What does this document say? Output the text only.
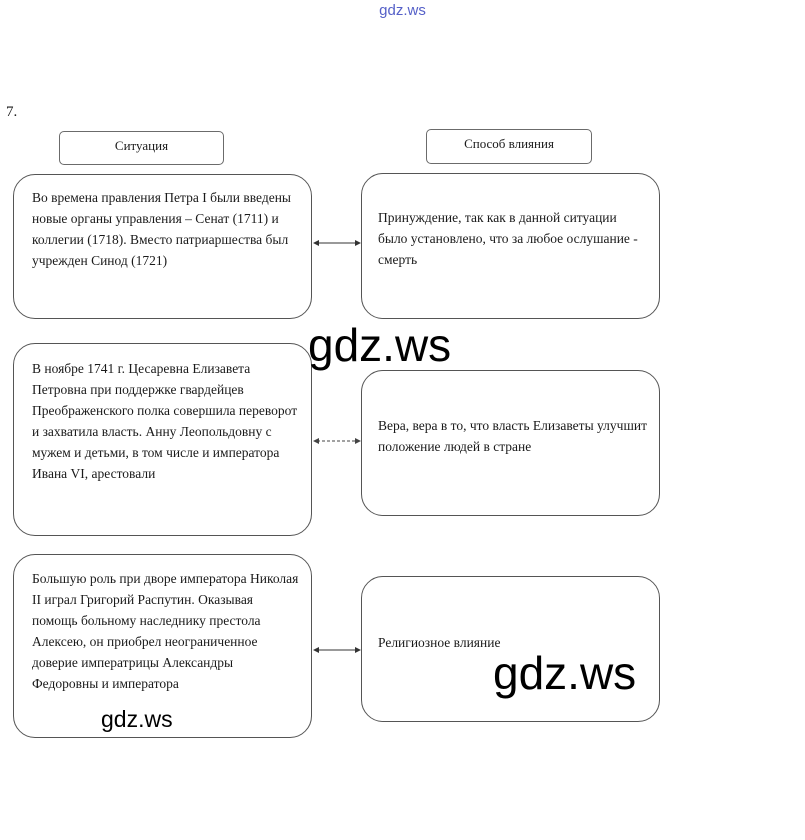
gdz.ws
7.
Ситуация	Способ влияния

Во времена правления Петра I были введены новые органы управления – Сенат (1711) и коллегии (1718). Вместо патриаршества был учрежден Синод (1721)

Принуждение, так как в данной ситуации было установлено, что за любое ослушание - смерть

В ноябре 1741 г. Цесаревна Елизавета Петровна при поддержке гвардейцев Преображенского полка совершила переворот и захватила власть. Анну Леопольдовну с мужем и детьми, в том числе и императора Ивана VI, арестовали

Вера, вера в то, что власть Елизаветы улучшит положение людей в стране

Большую роль при дворе императора Николая II играл Григорий Распутин. Оказывая помощь больному наследнику престола Алексею, он приобрел неограниченное доверие императрицы Александры Федоровны и императора

Религиозное влияние

gdz.ws
gdz.ws
gdz.ws
